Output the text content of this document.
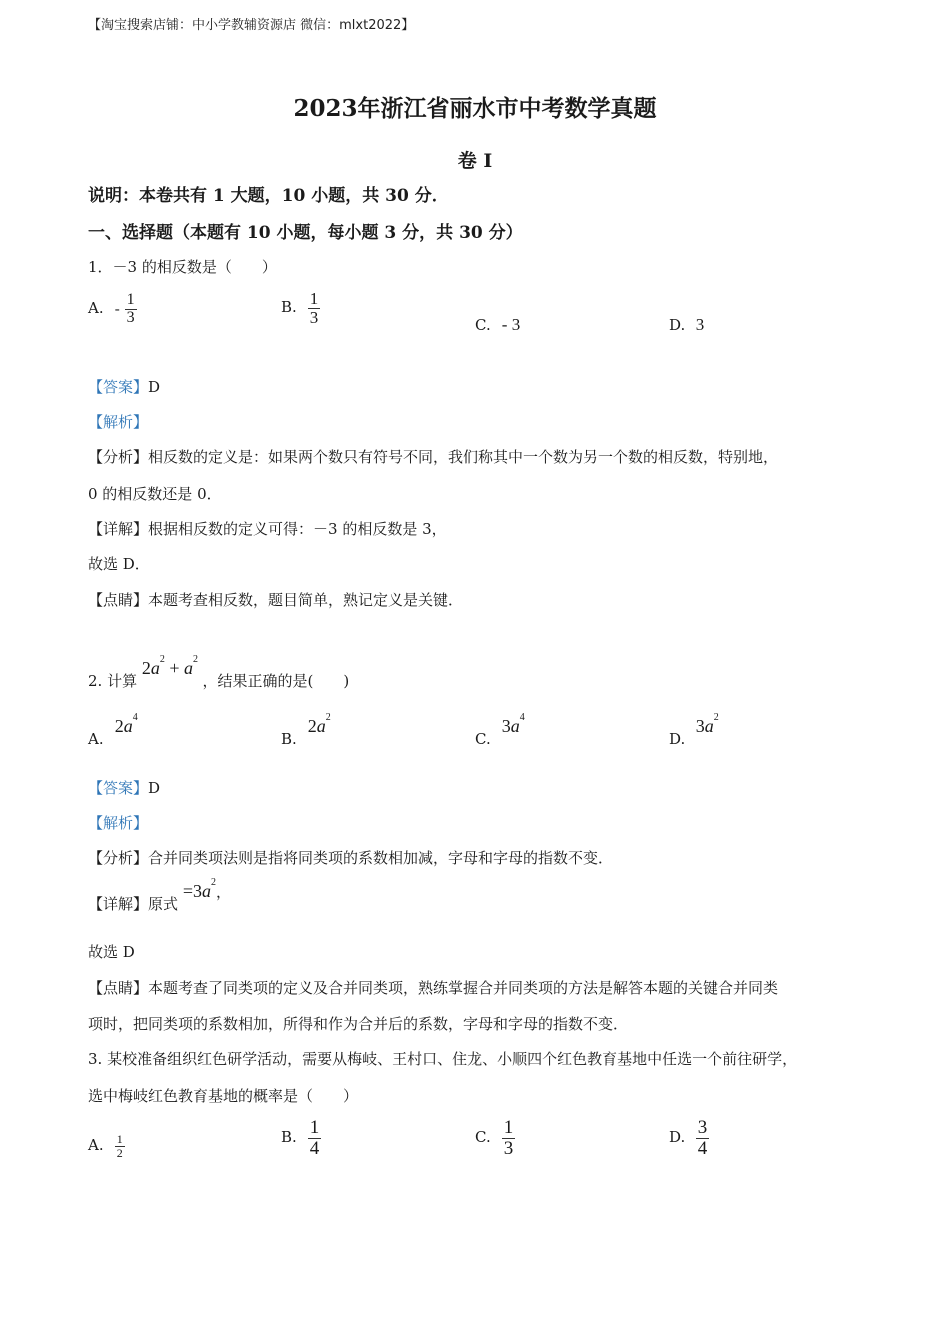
【淘宝搜索店铺：中小学教辅资源店 微信：mlxt2022】
2023年浙江省丽水市中考数学真题
卷 I
说明：本卷共有 1 大题，10 小题，共 30 分．
一、选择题（本题有 10 小题，每小题 3 分，共 30 分）
1．－3 的相反数是（　　）
A. - $\frac{1}{3}$	B. $\frac{1}{3}$	C. - 3	D. 3
【答案】D
【解析】
【分析】相反数的定义是：如果两个数只有符号不同，我们称其中一个数为另一个数的相反数，特别地，
0 的相反数还是 0．
【详解】根据相反数的定义可得：－3 的相反数是 3，
故选 D．
【点睛】本题考查相反数，题目简单，熟记定义是关键．
2. 计算 $2a^2 + a^2$ ，结果正确的是(　　)
A. $2a^4$
B. $2a^2$
C. $3a^4$
D. $3a^2$
【答案】D
【解析】
【分析】合并同类项法则是指将同类项的系数相加减，字母和字母的指数不变．
【详解】原式 $=3a^2$，
故选 D
【点睛】本题考查了同类项的定义及合并同类项，熟练掌握合并同类项的方法是解答本题的关键合并同类
项时，把同类项的系数相加，所得和作为合并后的系数，字母和字母的指数不变．
3. 某校准备组织红色研学活动，需要从梅岐、王村口、住龙、小顺四个红色教育基地中任选一个前往研学，
选中梅岐红色教育基地的概率是（　　）
A. $\frac{1}{2}$	B. $\frac{1}{4}$	C. $\frac{1}{3}$	D. $\frac{3}{4}$
